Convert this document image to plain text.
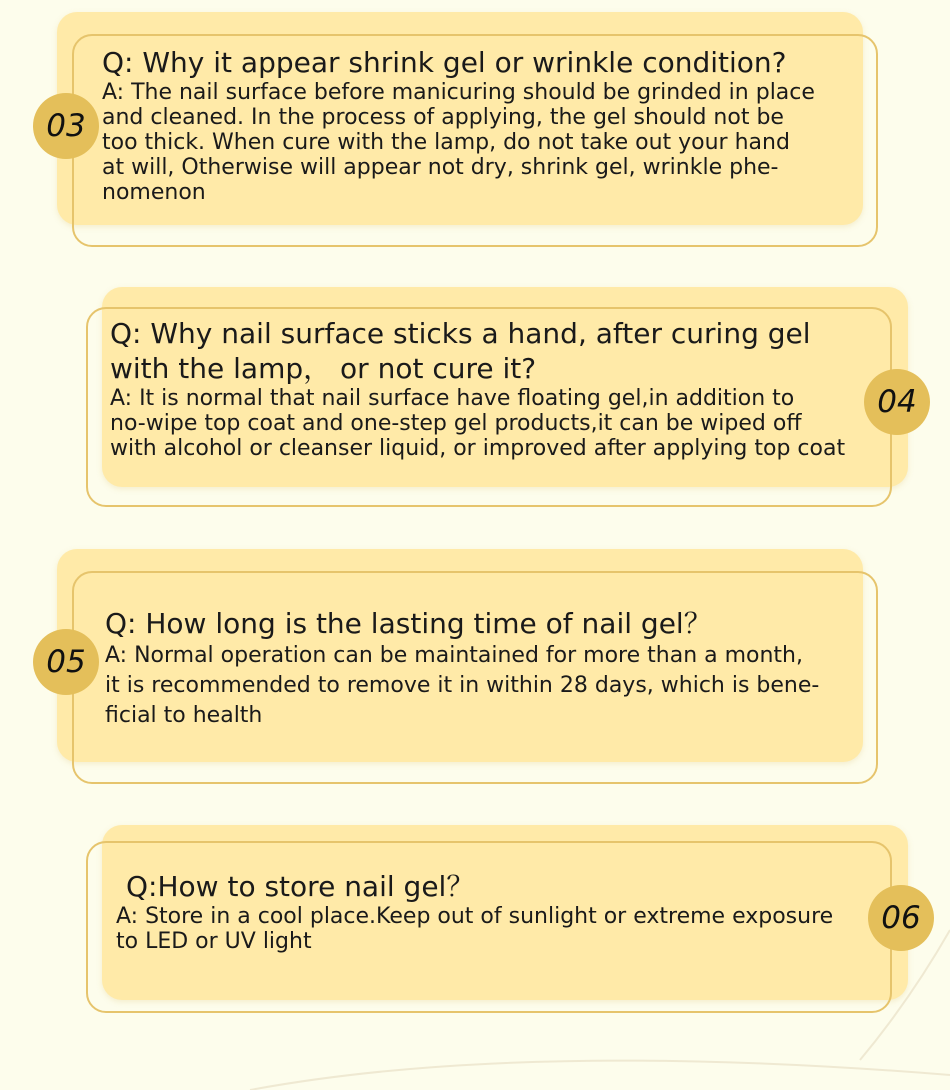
03
Q: Why it appear shrink gel or wrinkle condition?

A: The nail surface before manicuring should be grinded in place

and cleaned. In the process of applying, the gel should not be

too thick. When cure with the lamp, do not take out your hand

at will, Otherwise will appear not dry, shrink gel, wrinkle phe-

nomenon

04
Q: Why nail surface sticks a hand, after curing gel
with the lamp， or not cure it?

A: It is normal that nail surface have floating gel,in addition to

no-wipe top coat and one-step gel products,it can be wiped off

with alcohol or cleanser liquid, or improved after applying top coat

05
Q: How long is the lasting time of nail gel？

A: Normal operation can be maintained for more than a month,

it is recommended to remove it in within 28 days, which is bene-

ficial to health

06
Q:How to store nail gel？

A: Store in a cool place.Keep out of sunlight or extreme exposure

to LED or UV light
